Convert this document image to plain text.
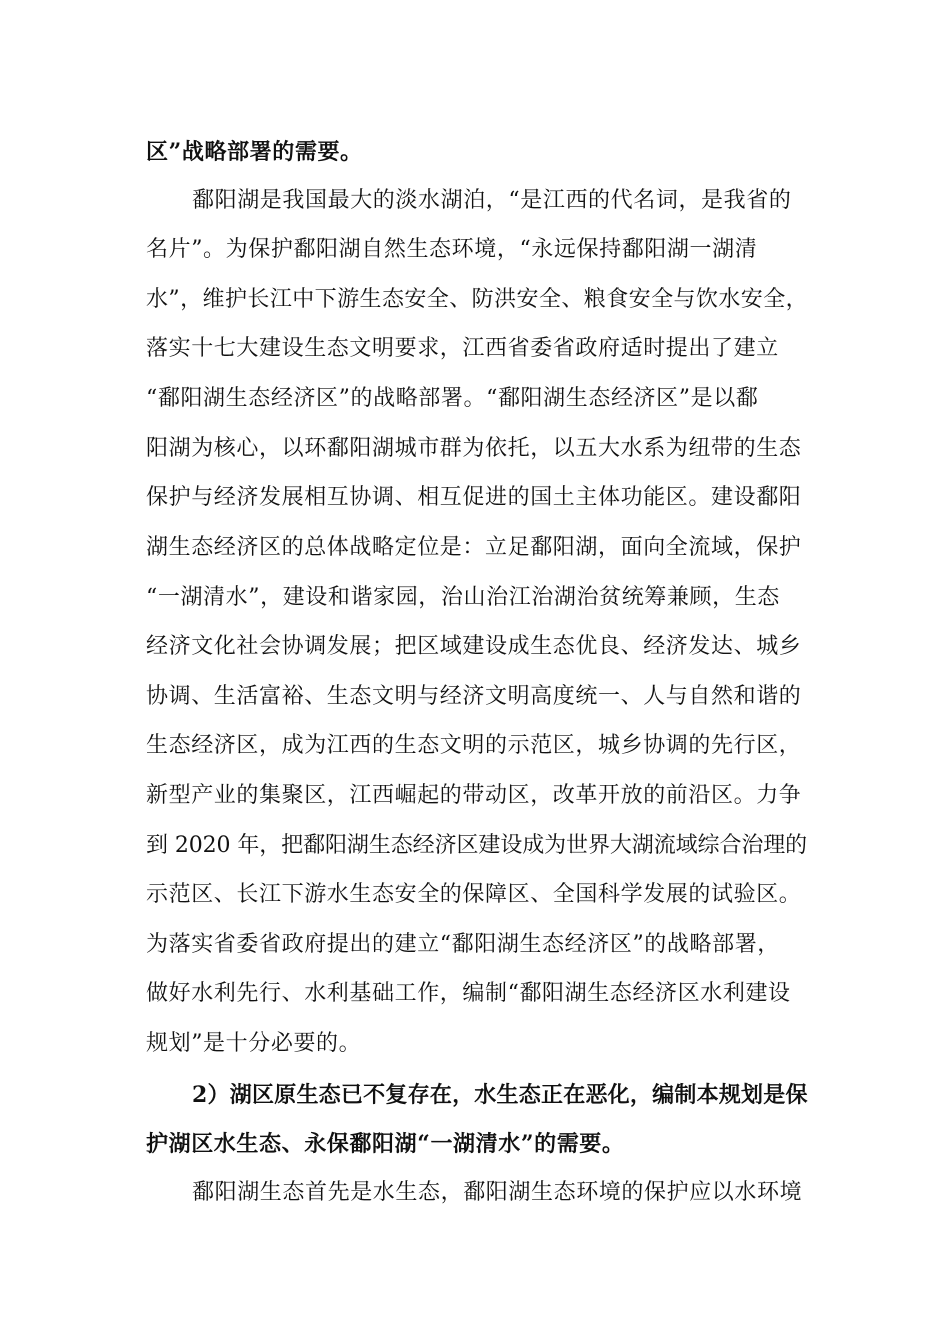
区”战略部署的需要。
鄱阳湖是我国最大的淡水湖泊，“是江西的代名词，是我省的
名片”。为保护鄱阳湖自然生态环境，“永远保持鄱阳湖一湖清
水”，维护长江中下游生态安全、防洪安全、粮食安全与饮水安全，
落实十七大建设生态文明要求，江西省委省政府适时提出了建立
“鄱阳湖生态经济区”的战略部署。“鄱阳湖生态经济区”是以鄱
阳湖为核心，以环鄱阳湖城市群为依托，以五大水系为纽带的生态
保护与经济发展相互协调、相互促进的国土主体功能区。建设鄱阳
湖生态经济区的总体战略定位是：立足鄱阳湖，面向全流域，保护
“一湖清水”，建设和谐家园，治山治江治湖治贫统筹兼顾，生态
经济文化社会协调发展；把区域建设成生态优良、经济发达、城乡
协调、生活富裕、生态文明与经济文明高度统一、人与自然和谐的
生态经济区，成为江西的生态文明的示范区，城乡协调的先行区，
新型产业的集聚区，江西崛起的带动区，改革开放的前沿区。力争
到 2020 年，把鄱阳湖生态经济区建设成为世界大湖流域综合治理的
示范区、长江下游水生态安全的保障区、全国科学发展的试验区。
为落实省委省政府提出的建立“鄱阳湖生态经济区”的战略部署，
做好水利先行、水利基础工作，编制“鄱阳湖生态经济区水利建设
规划”是十分必要的。
2）湖区原生态已不复存在，水生态正在恶化，编制本规划是保
护湖区水生态、永保鄱阳湖“一湖清水”的需要。
鄱阳湖生态首先是水生态，鄱阳湖生态环境的保护应以水环境
